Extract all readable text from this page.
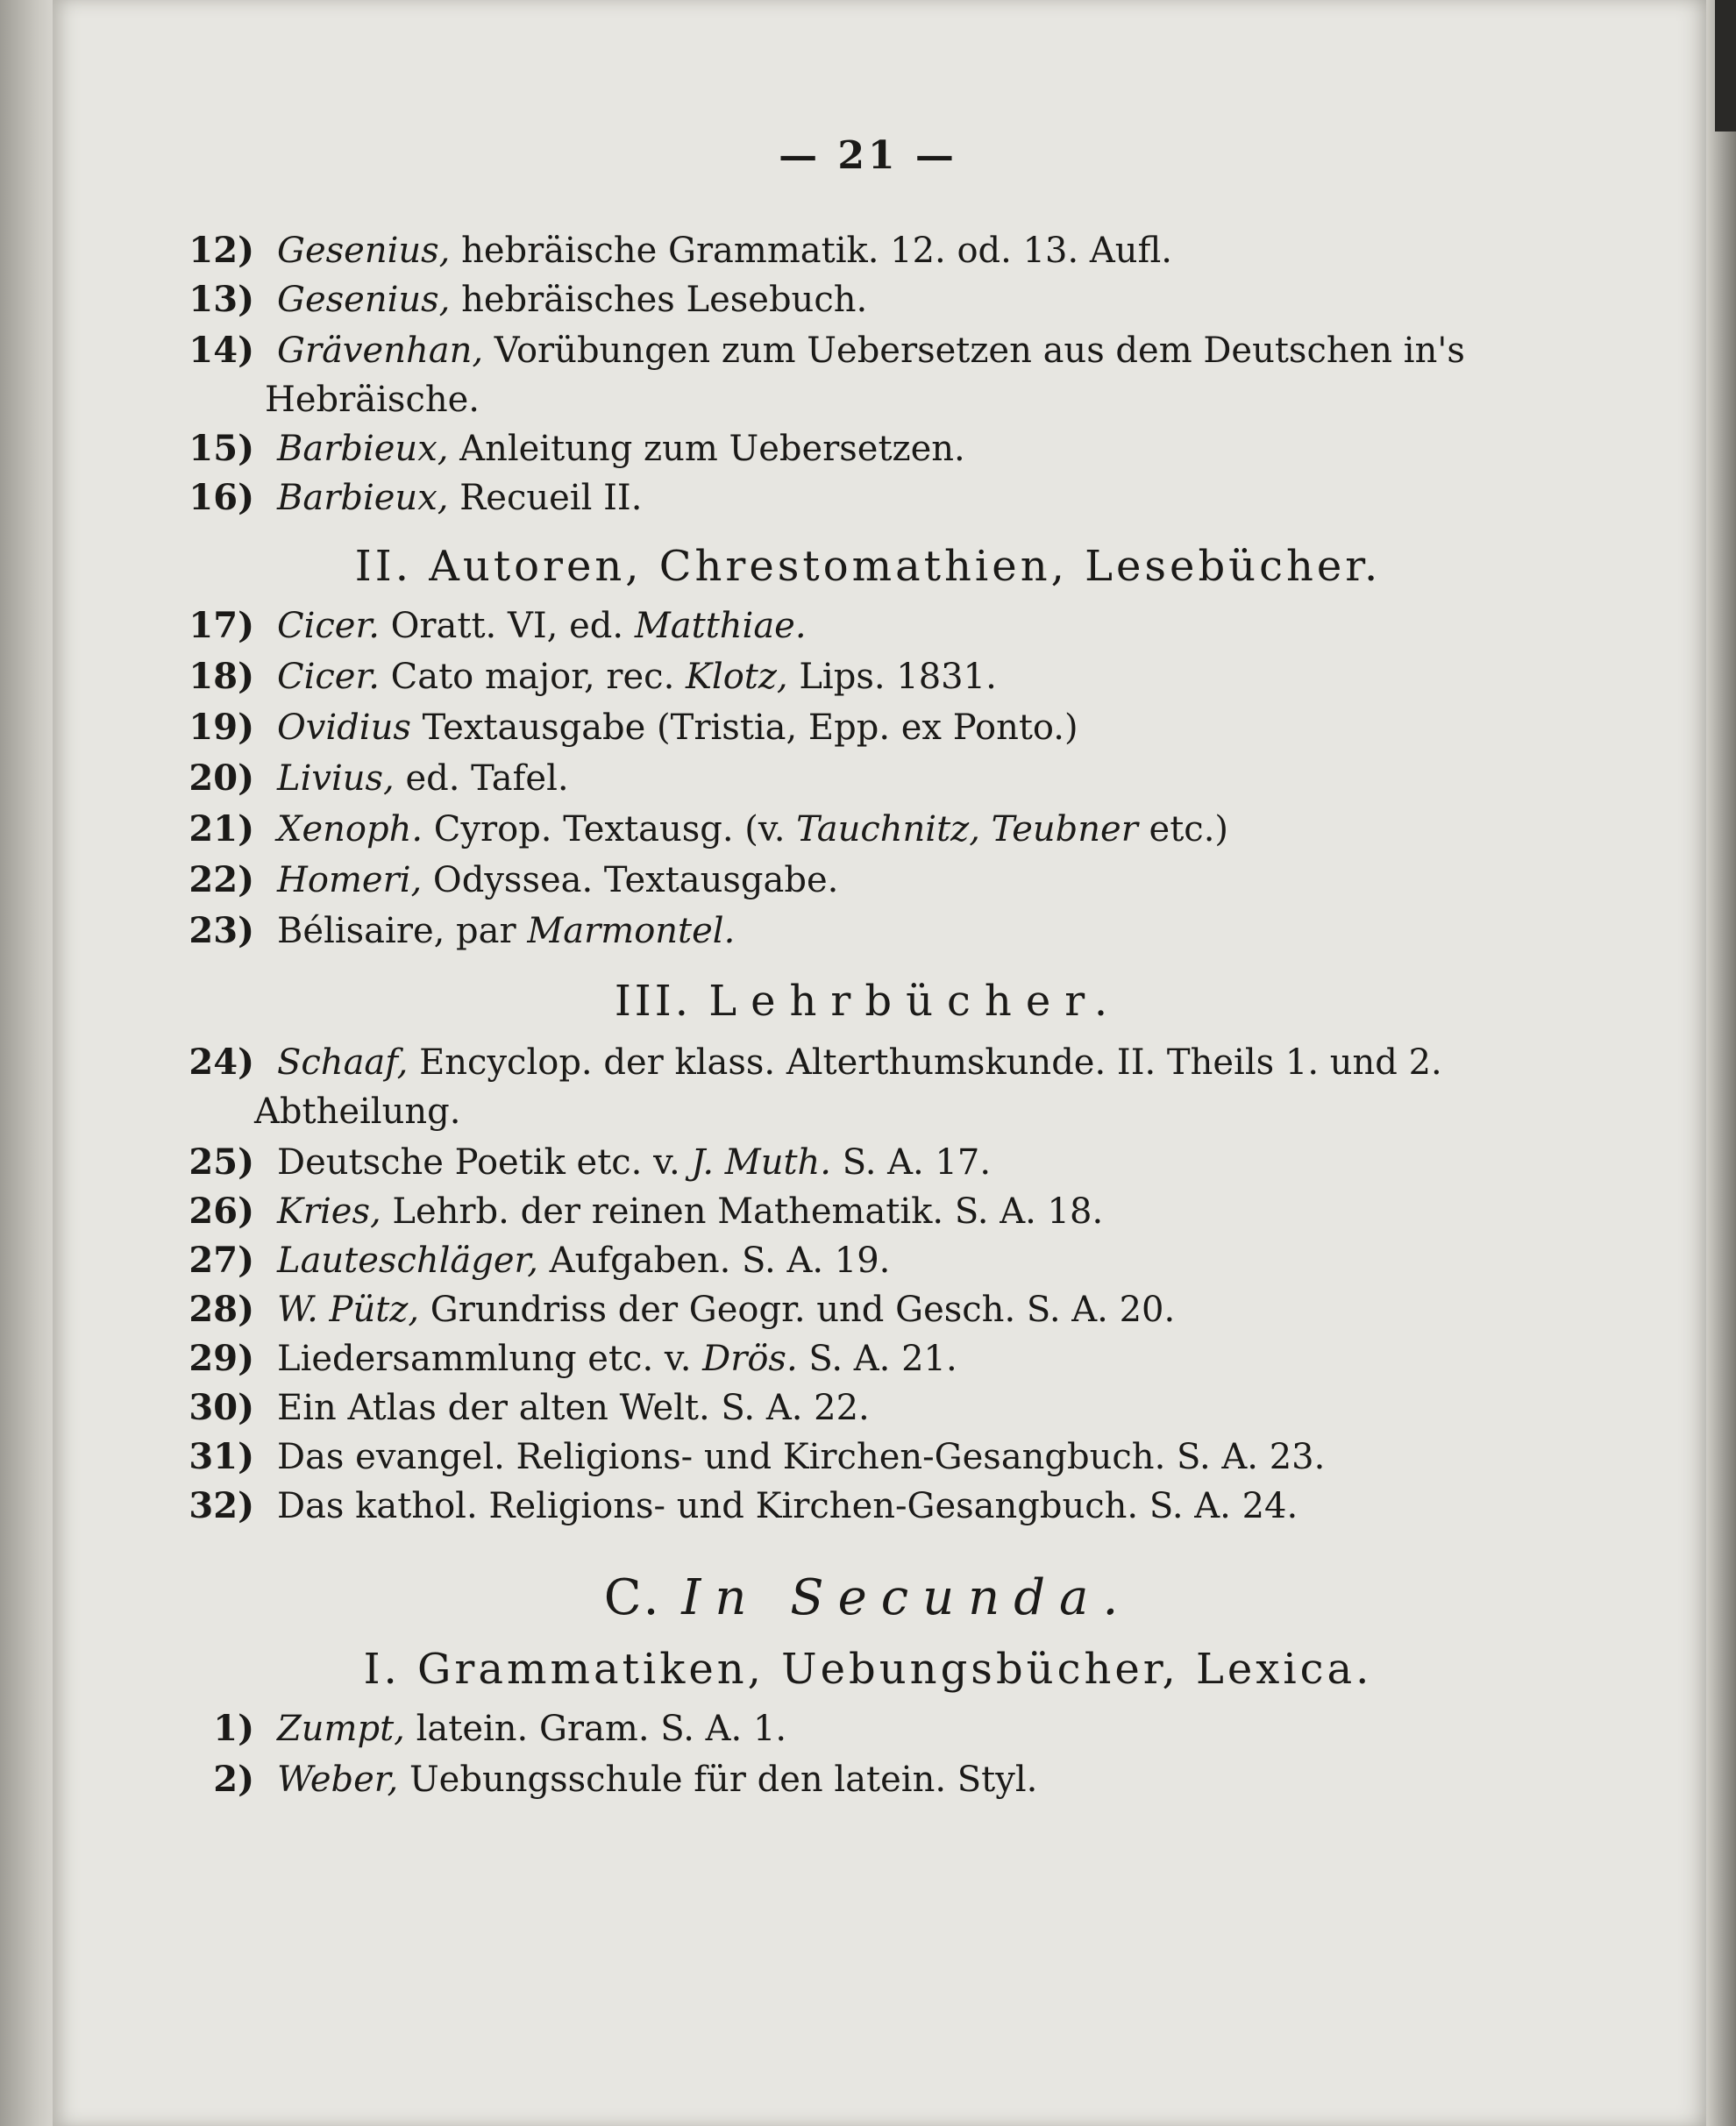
— 21 —
12) Gesenius, hebräische Grammatik. 12. od. 13. Aufl.
13) Gesenius, hebräisches Lesebuch.
14) Grävenhan, Vorübungen zum Uebersetzen aus dem Deutschen in's
Hebräische.
15) Barbieux, Anleitung zum Uebersetzen.
16) Barbieux, Recueil II.
II. Autoren, Chrestomathien, Lesebücher.
17) Cicer. Oratt. VI, ed. Matthiae.
18) Cicer. Cato major, rec. Klotz, Lips. 1831.
19) Ovidius Textausgabe (Tristia, Epp. ex Ponto.)
20) Livius, ed. Tafel.
21) Xenoph. Cyrop. Textausg. (v. Tauchnitz, Teubner etc.)
22) Homeri, Odyssea. Textausgabe.
23) Bélisaire, par Marmontel.
III. Lehrbücher.
24) Schaaf, Encyclop. der klass. Alterthumskunde. II. Theils 1. und 2.
Abtheilung.
25) Deutsche Poetik etc. v. J. Muth. S. A. 17.
26) Kries, Lehrb. der reinen Mathematik. S. A. 18.
27) Lauteschläger, Aufgaben. S. A. 19.
28) W. Pütz, Grundriss der Geogr. und Gesch. S. A. 20.
29) Liedersammlung etc. v. Drös. S. A. 21.
30) Ein Atlas der alten Welt. S. A. 22.
31) Das evangel. Religions- und Kirchen-Gesangbuch. S. A. 23.
32) Das kathol. Religions- und Kirchen-Gesangbuch. S. A. 24.
C. In Secunda.
I. Grammatiken, Uebungsbücher, Lexica.
1) Zumpt, latein. Gram. S. A. 1.
2) Weber, Uebungsschule für den latein. Styl.
